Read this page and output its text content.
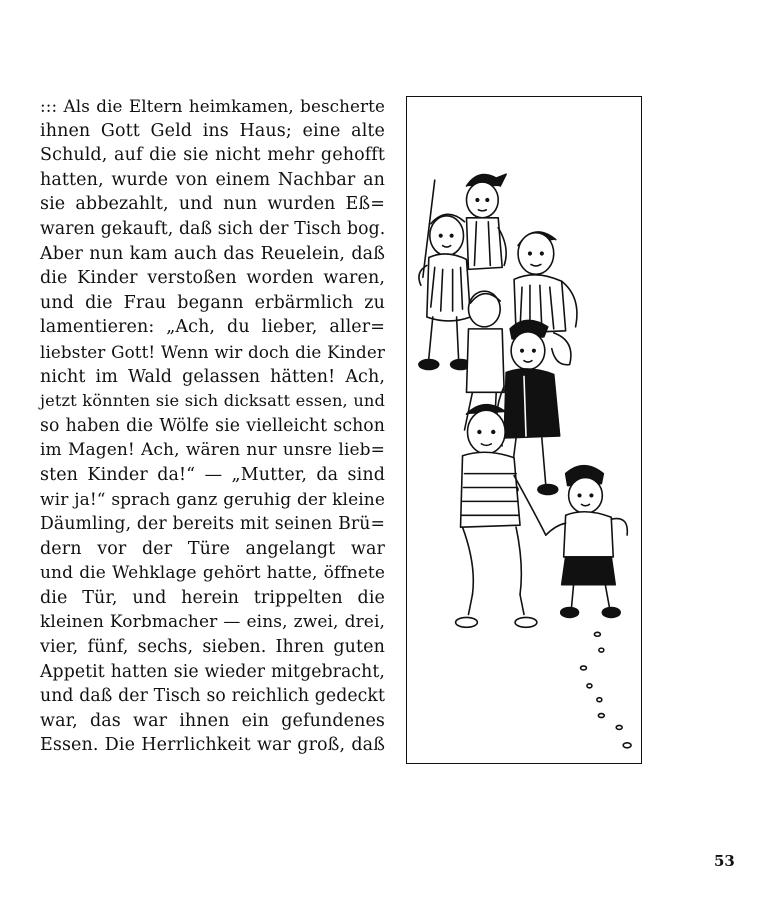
::: Als die Eltern heimkamen, bescherte
ihnen Gott Geld ins Haus; eine alte
Schuld, auf die sie nicht mehr gehofft
hatten, wurde von einem Nachbar an
sie abbezahlt, und nun wurden Eß=
waren gekauft, daß sich der Tisch bog.
Aber nun kam auch das Reuelein, daß
die Kinder verstoßen worden waren,
und die Frau begann erbärmlich zu
lamentieren: „Ach, du lieber, aller=
liebster Gott! Wenn wir doch die Kinder
nicht im Wald gelassen hätten! Ach,
jetzt könnten sie sich dicksatt essen, und
so haben die Wölfe sie vielleicht schon
im Magen! Ach, wären nur unsre lieb=
sten Kinder da!“ — „Mutter, da sind
wir ja!“ sprach ganz geruhig der kleine
Däumling, der bereits mit seinen Brü=
dern vor der Türe angelangt war
und die Wehklage gehört hatte, öffnete
die Tür, und herein trippelten die
kleinen Korbmacher — eins, zwei, drei,
vier, fünf, sechs, sieben. Ihren guten
Appetit hatten sie wieder mitgebracht,
und daß der Tisch so reichlich gedeckt
war, das war ihnen ein gefundenes
Essen. Die Herrlichkeit war groß, daß
53
